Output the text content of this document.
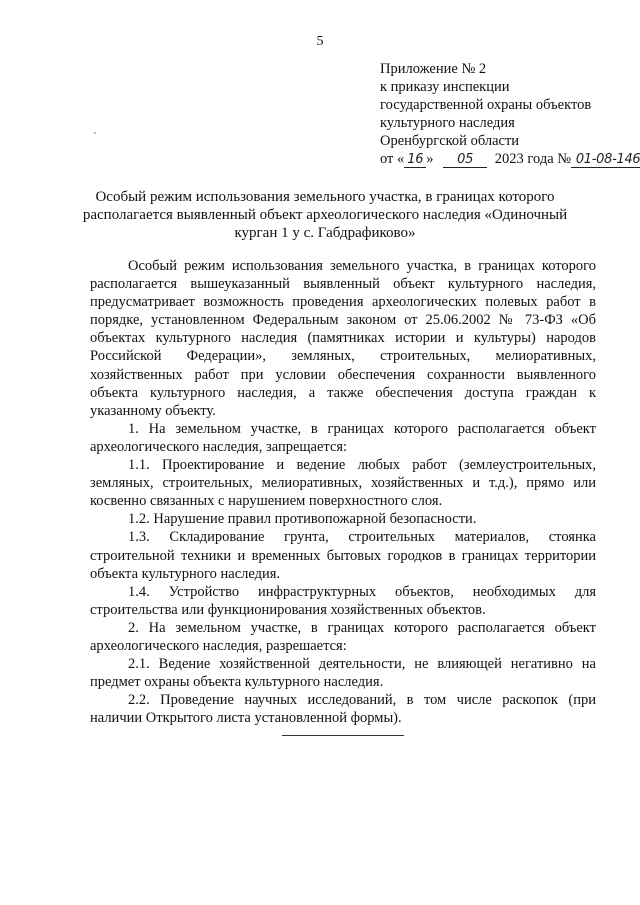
5
Приложение № 2
к приказу инспекции
государственной охраны объектов
культурного наследия
Оренбургской области
от « 16 » 05 2023 года № 01-08-146
Особый режим использования земельного участка, в границах которого располагается выявленный объект археологического наследия «Одиночный курган 1 у с. Габдрафиково»

Особый режим использования земельного участка, в границах которого располагается вышеуказанный выявленный объект культурного наследия, предусматривает возможность проведения археологических полевых работ в порядке, установленном Федеральным законом от 25.06.2002 № 73-ФЗ «Об объектах культурного наследия (памятниках истории и культуры) народов Российской Федерации», земляных, строительных, мелиоративных, хозяйственных работ при условии обеспечения сохранности выявленного объекта культурного наследия, а также обеспечения доступа граждан к указанному объекту.

1. На земельном участке, в границах которого располагается объект археологического наследия, запрещается:

1.1. Проектирование и ведение любых работ (землеустроительных, земляных, строительных, мелиоративных, хозяйственных и т.д.), прямо или косвенно связанных с нарушением поверхностного слоя.

1.2. Нарушение правил противопожарной безопасности.

1.3. Складирование грунта, строительных материалов, стоянка строительной техники и временных бытовых городков в границах территории объекта культурного наследия.

1.4. Устройство инфраструктурных объектов, необходимых для строительства или функционирования хозяйственных объектов.

2. На земельном участке, в границах которого располагается объект археологического наследия, разрешается:

2.1. Ведение хозяйственной деятельности, не влияющей негативно на предмет охраны объекта культурного наследия.

2.2. Проведение научных исследований, в том числе раскопок (при наличии Открытого листа установленной формы).
